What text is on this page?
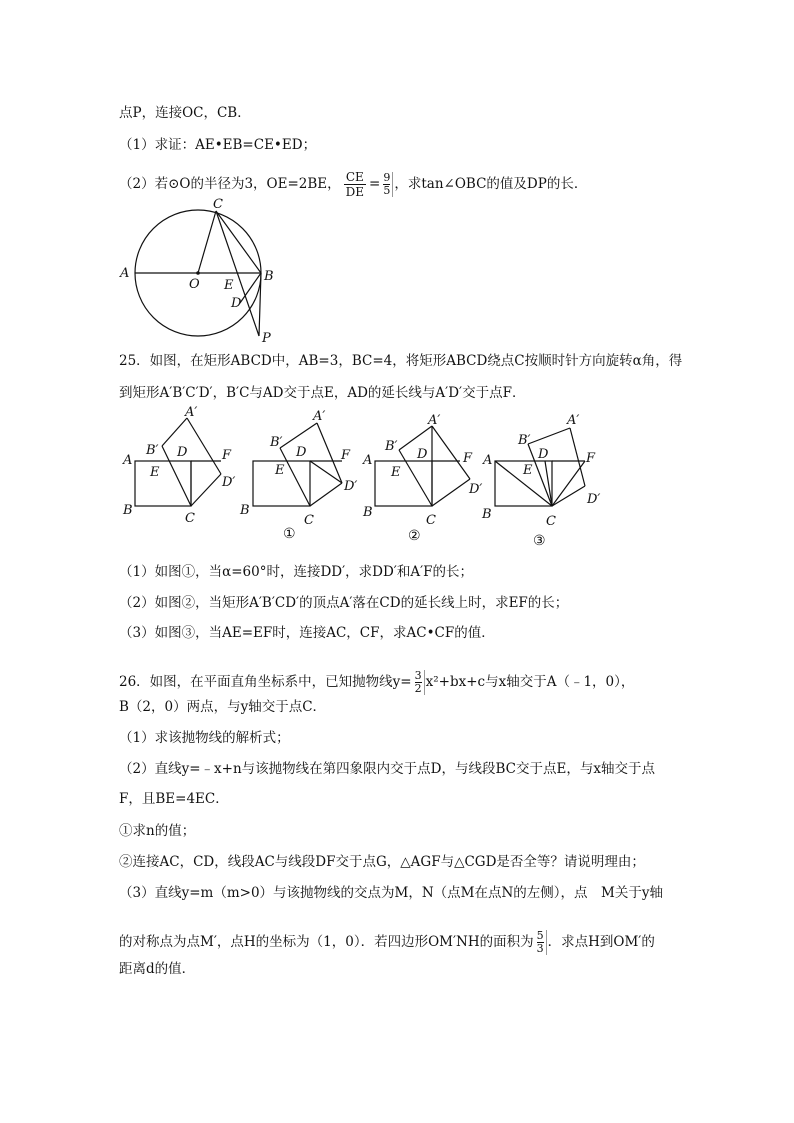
点P，连接OC，CB．
（1）求证：AE•EB=CE•ED；
（2）若⊙O的半径为3，OE=2BE， $\frac{CE}{DE} = \frac{9}{5}$ ，求tan∠OBC的值及DP的长．
A
O
C
E
B
D
P
25．如图，在矩形ABCD中，AB=3，BC=4，将矩形ABCD绕点C按顺时针方向旋转α角，得
到矩形A′B′C′D′，B′C与AD交于点E，AD的延长线与A′D′交于点F．
A
B
C
D
E
F
A′
B′
D′
B
C
D
E
F
A′
B′
D′
①
A
B
C
D
E
F
A′
B′
D′
②
A
B	C
D
E
F
A′
B′
D′
③
（1）如图①，当α=60°时，连接DD′，求DD′和A′F的长；
（2）如图②，当矩形A′B′CD′的顶点A′落在CD的延长线上时，求EF的长；
（3）如图③，当AE=EF时，连接AC，CF，求AC•CF的值．
26．如图，在平面直角坐标系中，已知抛物线$y= \frac{3}{2} x^2+bx+c$与x轴交于A（﹣1，0），
B（2，0）两点，与y轴交于点C．
（1）求该抛物线的解析式；
（2）直线y=﹣x+n与该抛物线在第四象限内交于点D，与线段BC交于点E，与x轴交于点
F，且BE=4EC．
①求n的值；
②连接AC，CD，线段AC与线段DF交于点G，△AGF与△CGD是否全等？请说明理由；
（3）直线y=m（m>0）与该抛物线的交点为M，N（点M在点N的左侧），点　M关于y轴
的对称点为点M′，点H的坐标为（1，0）．若四边形OM′NH的面积为 $\frac{5}{3}$ ．求点H到OM′的
距离d的值．
